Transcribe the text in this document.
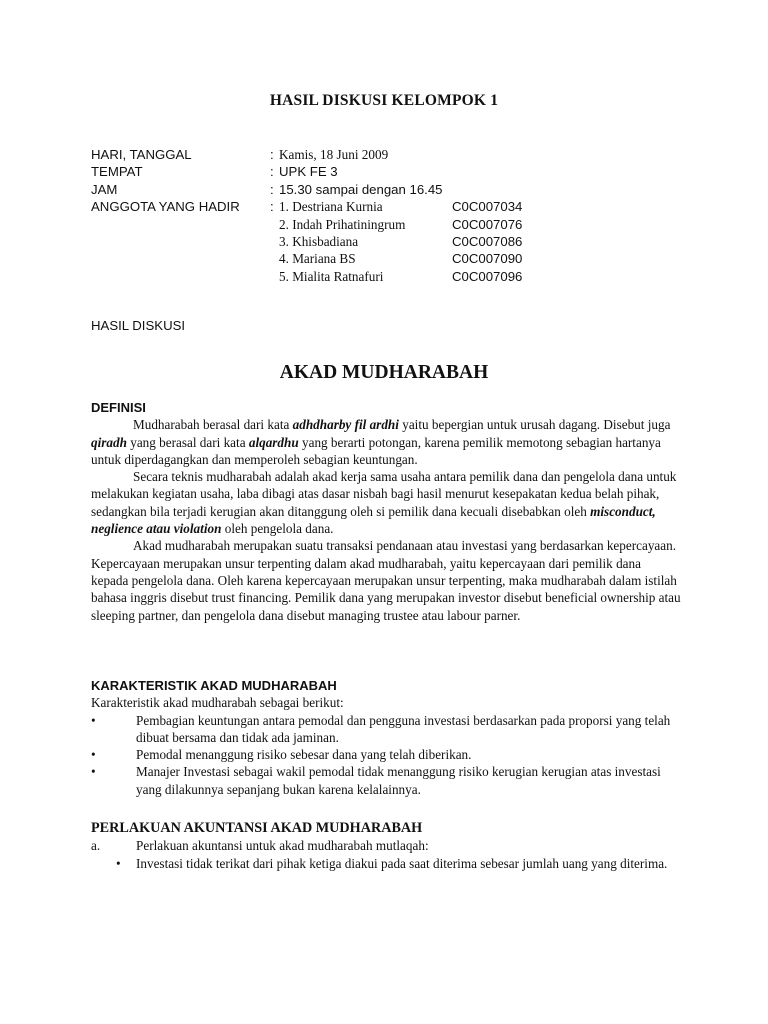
HASIL DISKUSI KELOMPOK 1
HARI, TANGGAL	: Kamis, 18 Juni 2009
TEMPAT	: UPK FE 3
JAM	: 15.30 sampai dengan 16.45
ANGGOTA YANG HADIR : 1. Destriana Kurnia	C0C007034
2. Indah Prihatiningrum	C0C007076
3. Khisbadiana	C0C007086
4. Mariana BS	C0C007090
5. Mialita Ratnafuri	C0C007096
HASIL DISKUSI
AKAD MUDHARABAH
DEFINISI
Mudharabah berasal dari kata adhdharby fil ardhi yaitu bepergian untuk urusah dagang. Disebut juga qiradh yang berasal dari kata alqardhu yang berarti potongan, karena pemilik memotong sebagian hartanya untuk diperdagangkan dan memperoleh sebagian keuntungan.
Secara teknis mudharabah adalah akad kerja sama usaha antara pemilik dana dan pengelola dana untuk melakukan kegiatan usaha, laba dibagi atas dasar nisbah bagi hasil menurut kesepakatan kedua belah pihak, sedangkan bila terjadi kerugian akan ditanggung oleh si pemilik dana kecuali disebabkan oleh misconduct, neglience atau violation oleh pengelola dana.
Akad mudharabah merupakan suatu transaksi pendanaan atau investasi yang berdasarkan kepercayaan. Kepercayaan merupakan unsur terpenting dalam akad mudharabah, yaitu kepercayaan dari pemilik dana kepada pengelola dana. Oleh karena kepercayaan merupakan unsur terpenting, maka mudharabah dalam istilah bahasa inggris disebut trust financing. Pemilik dana yang merupakan investor disebut beneficial ownership atau sleeping partner, dan pengelola dana disebut managing trustee atau labour parner.
KARAKTERISTIK AKAD MUDHARABAH
Karakteristik akad mudharabah sebagai berikut:
•	Pembagian keuntungan antara pemodal dan pengguna investasi berdasarkan pada proporsi yang telah dibuat bersama dan tidak ada jaminan.
•	Pemodal menanggung risiko sebesar dana yang telah diberikan.
•	Manajer Investasi sebagai wakil pemodal tidak menanggung risiko kerugian kerugian atas investasi yang dilakunnya sepanjang bukan karena kelalainnya.
PERLAKUAN AKUNTANSI AKAD MUDHARABAH
a.	Perlakuan akuntansi untuk akad mudharabah mutlaqah:
• Investasi tidak terikat dari pihak ketiga diakui pada saat diterima sebesar jumlah uang yang diterima.
